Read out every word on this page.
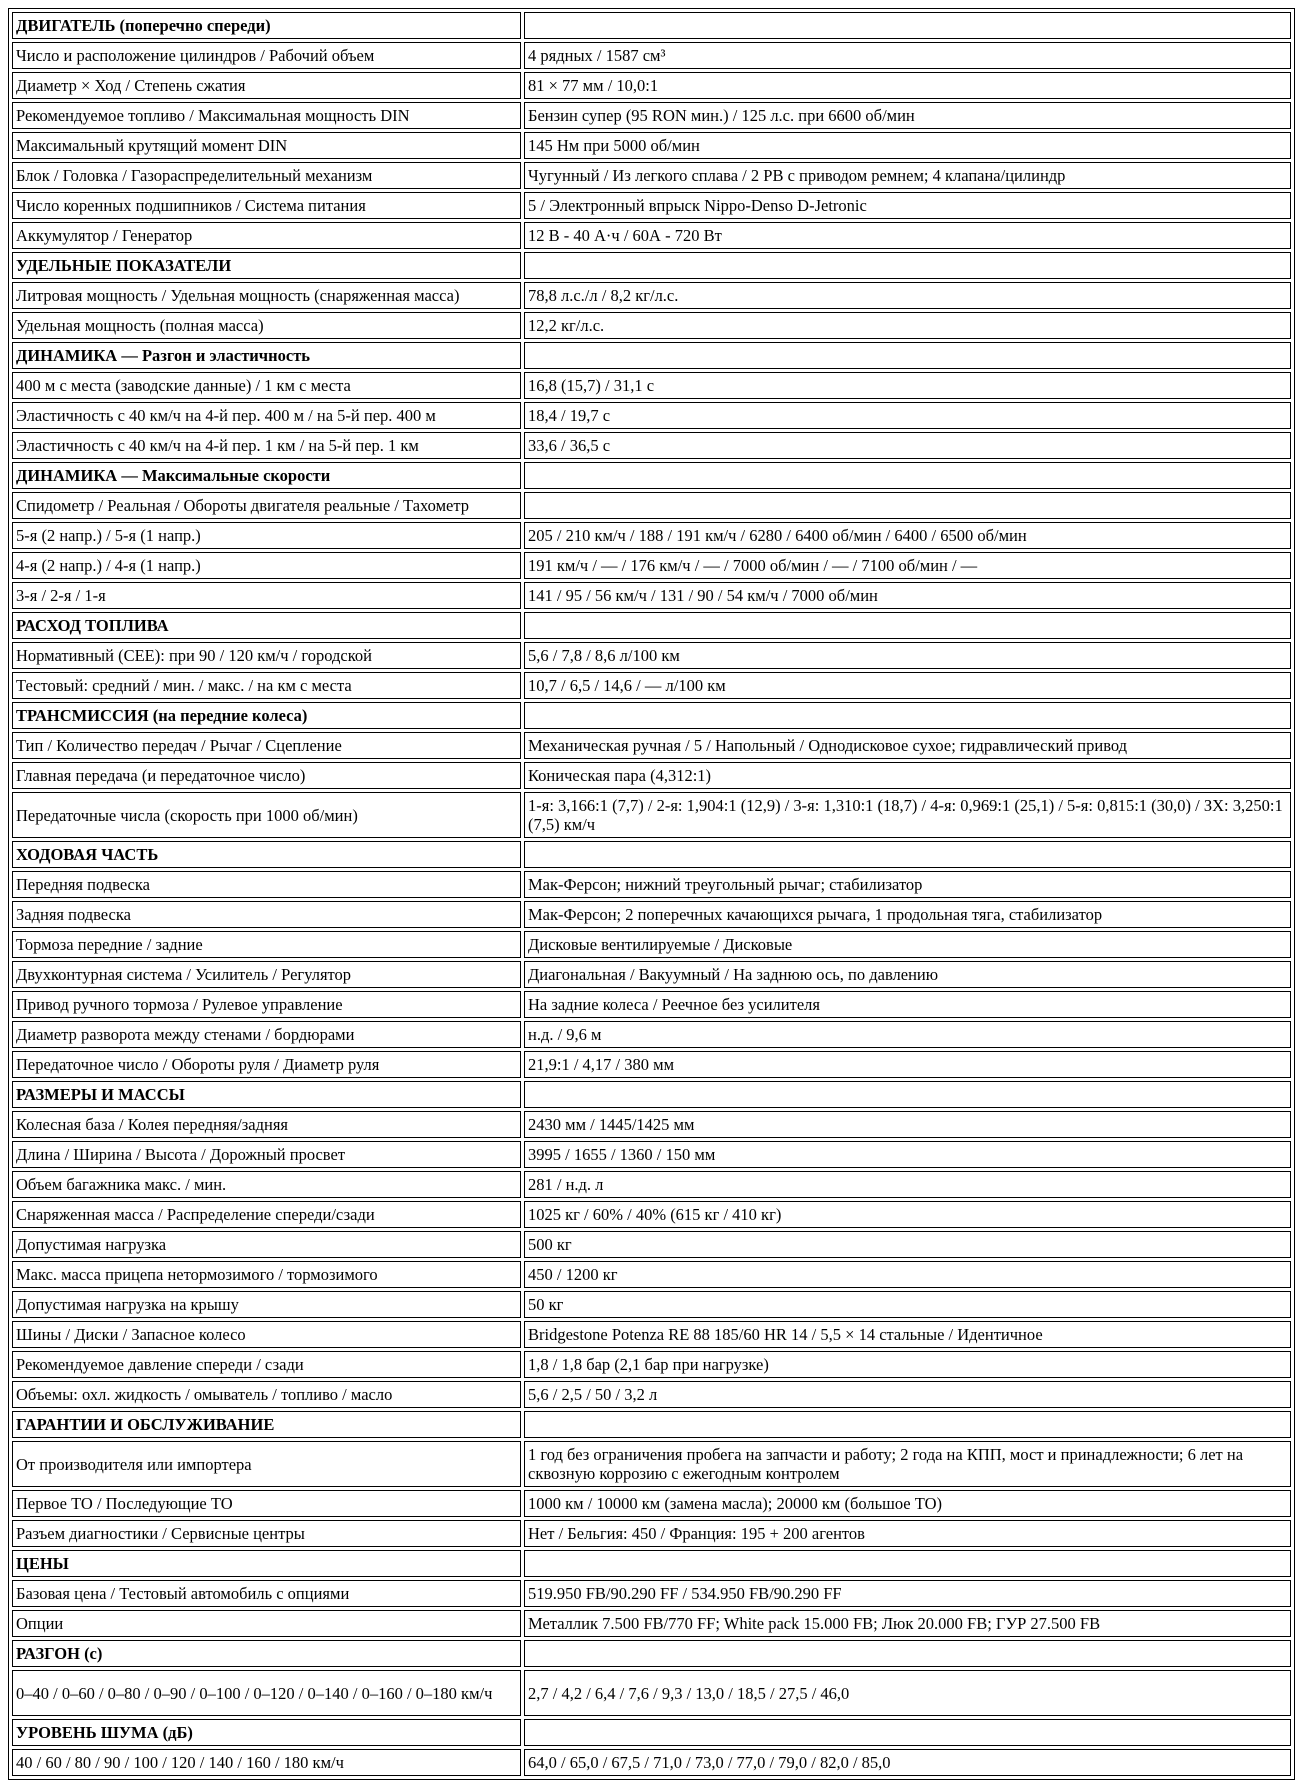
ДВИГАТЕЛЬ (поперечно спереди)	
Число и расположение цилиндров / Рабочий объем	4 рядных / 1587 см³
Диаметр × Ход / Степень сжатия	81 × 77 мм / 10,0:1
Рекомендуемое топливо / Максимальная мощность DIN	Бензин супер (95 RON мин.) / 125 л.с. при 6600 об/мин
Максимальный крутящий момент DIN	145 Нм при 5000 об/мин
Блок / Головка / Газораспределительный механизм	Чугунный / Из легкого сплава / 2 РВ с приводом ремнем; 4 клапана/цилиндр
Число коренных подшипников / Система питания	5 / Электронный впрыск Nippo-Denso D-Jetronic
Аккумулятор / Генератор	12 В - 40 А·ч / 60А - 720 Вт
УДЕЛЬНЫЕ ПОКАЗАТЕЛИ	
Литровая мощность / Удельная мощность (снаряженная масса)	78,8 л.с./л / 8,2 кг/л.с.
Удельная мощность (полная масса)	12,2 кг/л.с.
ДИНАМИКА — Разгон и эластичность	
400 м с места (заводские данные) / 1 км с места	16,8 (15,7) / 31,1 с
Эластичность с 40 км/ч на 4-й пер. 400 м / на 5-й пер. 400 м	18,4 / 19,7 с
Эластичность с 40 км/ч на 4-й пер. 1 км / на 5-й пер. 1 км	33,6 / 36,5 с
ДИНАМИКА — Максимальные скорости	
Спидометр / Реальная / Обороты двигателя реальные / Тахометр	
5-я (2 напр.) / 5-я (1 напр.)	205 / 210 км/ч / 188 / 191 км/ч / 6280 / 6400 об/мин / 6400 / 6500 об/мин
4-я (2 напр.) / 4-я (1 напр.)	191 км/ч / — / 176 км/ч / — / 7000 об/мин / — / 7100 об/мин / —
3-я / 2-я / 1-я	141 / 95 / 56 км/ч / 131 / 90 / 54 км/ч / 7000 об/мин
РАСХОД ТОПЛИВА	
Нормативный (СЕЕ): при 90 / 120 км/ч / городской	5,6 / 7,8 / 8,6 л/100 км
Тестовый: средний / мин. / макс. / на км с места	10,7 / 6,5 / 14,6 / — л/100 км
ТРАНСМИССИЯ (на передние колеса)	
Тип / Количество передач / Рычаг / Сцепление	Механическая ручная / 5 / Напольный / Однодисковое сухое; гидравлический привод
Главная передача (и передаточное число)	Коническая пара (4,312:1)
Передаточные числа (скорость при 1000 об/мин)	1-я: 3,166:1 (7,7) / 2-я: 1,904:1 (12,9) / 3-я: 1,310:1 (18,7) / 4-я: 0,969:1 (25,1) / 5-я: 0,815:1 (30,0) / ЗХ: 3,250:1 (7,5) км/ч
ХОДОВАЯ ЧАСТЬ	
Передняя подвеска	Мак-Ферсон; нижний треугольный рычаг; стабилизатор
Задняя подвеска	Мак-Ферсон; 2 поперечных качающихся рычага, 1 продольная тяга, стабилизатор
Тормоза передние / задние	Дисковые вентилируемые / Дисковые
Двухконтурная система / Усилитель / Регулятор	Диагональная / Вакуумный / На заднюю ось, по давлению
Привод ручного тормоза / Рулевое управление	На задние колеса / Реечное без усилителя
Диаметр разворота между стенами / бордюрами	н.д. / 9,6 м
Передаточное число / Обороты руля / Диаметр руля	21,9:1 / 4,17 / 380 мм
РАЗМЕРЫ И МАССЫ	
Колесная база / Колея передняя/задняя	2430 мм / 1445/1425 мм
Длина / Ширина / Высота / Дорожный просвет	3995 / 1655 / 1360 / 150 мм
Объем багажника макс. / мин.	281 / н.д. л
Снаряженная масса / Распределение спереди/сзади	1025 кг / 60% / 40% (615 кг / 410 кг)
Допустимая нагрузка	500 кг
Макс. масса прицепа нетормозимого / тормозимого	450 / 1200 кг
Допустимая нагрузка на крышу	50 кг
Шины / Диски / Запасное колесо	Bridgestone Potenza RE 88 185/60 HR 14 / 5,5 × 14 стальные / Идентичное
Рекомендуемое давление спереди / сзади	1,8 / 1,8 бар (2,1 бар при нагрузке)
Объемы: охл. жидкость / омыватель / топливо / масло	5,6 / 2,5 / 50 / 3,2 л
ГАРАНТИИ И ОБСЛУЖИВАНИЕ	
От производителя или импортера	1 год без ограничения пробега на запчасти и работу; 2 года на КПП, мост и принадлежности; 6 лет на сквозную коррозию с ежегодным контролем
Первое ТО / Последующие ТО	1000 км / 10000 км (замена масла); 20000 км (большое ТО)
Разъем диагностики / Сервисные центры	Нет / Бельгия: 450 / Франция: 195 + 200 агентов
ЦЕНЫ	
Базовая цена / Тестовый автомобиль с опциями	519.950 FB/90.290 FF / 534.950 FB/90.290 FF
Опции	Металлик 7.500 FB/770 FF; White pack 15.000 FB; Люк 20.000 FB; ГУР 27.500 FB
РАЗГОН (с)	
0–40 / 0–60 / 0–80 / 0–90 / 0–100 / 0–120 / 0–140 / 0–160 / 0–180 км/ч	2,7 / 4,2 / 6,4 / 7,6 / 9,3 / 13,0 / 18,5 / 27,5 / 46,0
УРОВЕНЬ ШУМА (дБ)	
40 / 60 / 80 / 90 / 100 / 120 / 140 / 160 / 180 км/ч	64,0 / 65,0 / 67,5 / 71,0 / 73,0 / 77,0 / 79,0 / 82,0 / 85,0
